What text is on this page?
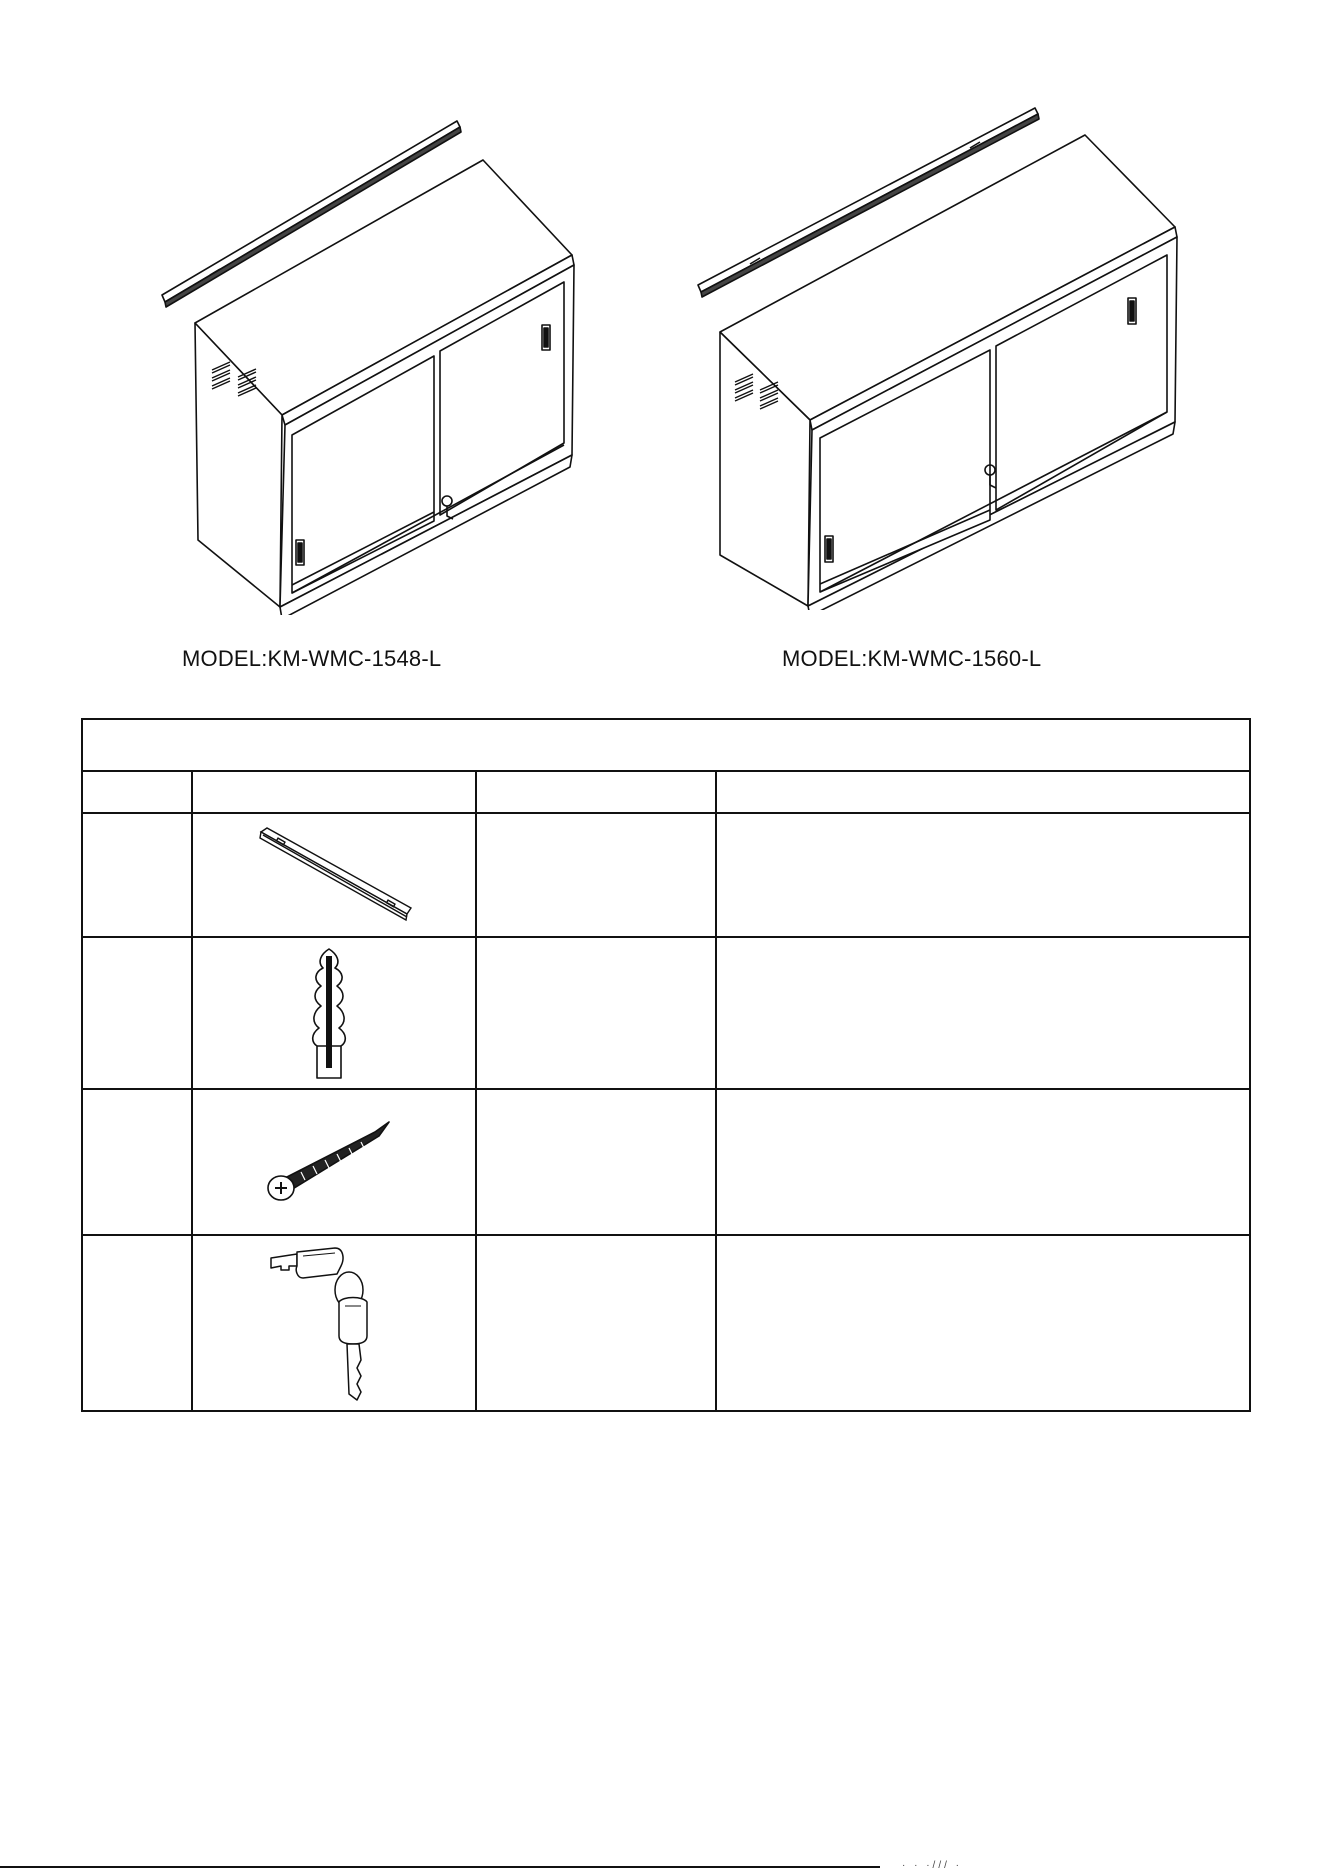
MODEL:KM-WMC-1548-L	MODEL:KM-WMC-1560-L
· · ·/// ·
